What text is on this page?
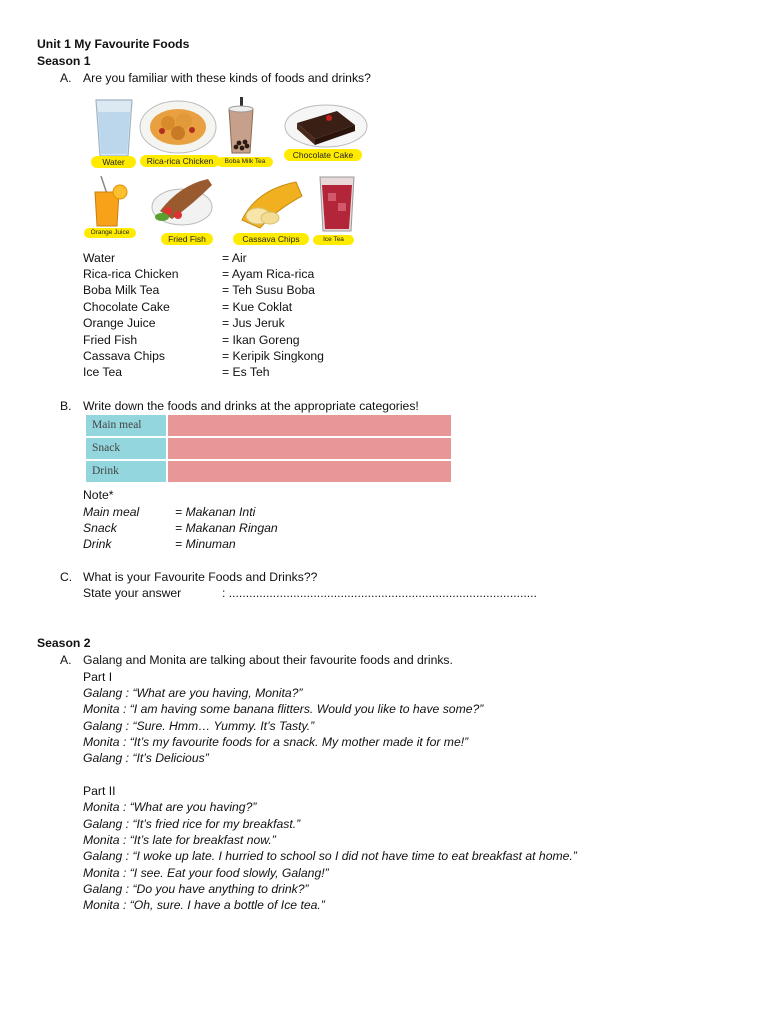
Unit 1 My Favourite Foods
Season 1
A. Are you familiar with these kinds of foods and drinks?
Water	Rica-rica Chicken	Boba Milk Tea
Chocolate Cake
Orange Juice
Fried Fish	Cassava Chips	Ice Tea
Water	= Air
Rica-rica Chicken	= Ayam Rica-rica
Boba Milk Tea	= Teh Susu Boba
Chocolate Cake	= Kue Coklat
Orange Juice	= Jus Jeruk
Fried Fish	= Ikan Goreng
Cassava Chips	= Keripik Singkong
Ice Tea	= Es Teh
B. Write down the foods and drinks at the appropriate categories!
Main meal
Snack
Drink
Note*
Main meal	= Makanan Inti
Snack	= Makanan Ringan
Drink	= Minuman
C. What is your Favourite Foods and Drinks??
State your answer	: ...........................................................................................
Season 2
A. Galang and Monita are talking about their favourite foods and drinks.
Part I
Galang : “What are you having, Monita?”
Monita : “I am having some banana flitters. Would you like to have some?”
Galang : “Sure. Hmm… Yummy. It’s Tasty.”
Monita : “It’s my favourite foods for a snack. My mother made it for me!”
Galang : “It’s Delicious”
Part II
Monita : “What are you having?”
Galang : “It’s fried rice for my breakfast.”
Monita : “It’s late for breakfast now.”
Galang : “I woke up late. I hurried to school so I did not have time to eat breakfast at home.”
Monita : “I see. Eat your food slowly, Galang!”
Galang : “Do you have anything to drink?”
Monita : “Oh, sure. I have a bottle of Ice tea.”
